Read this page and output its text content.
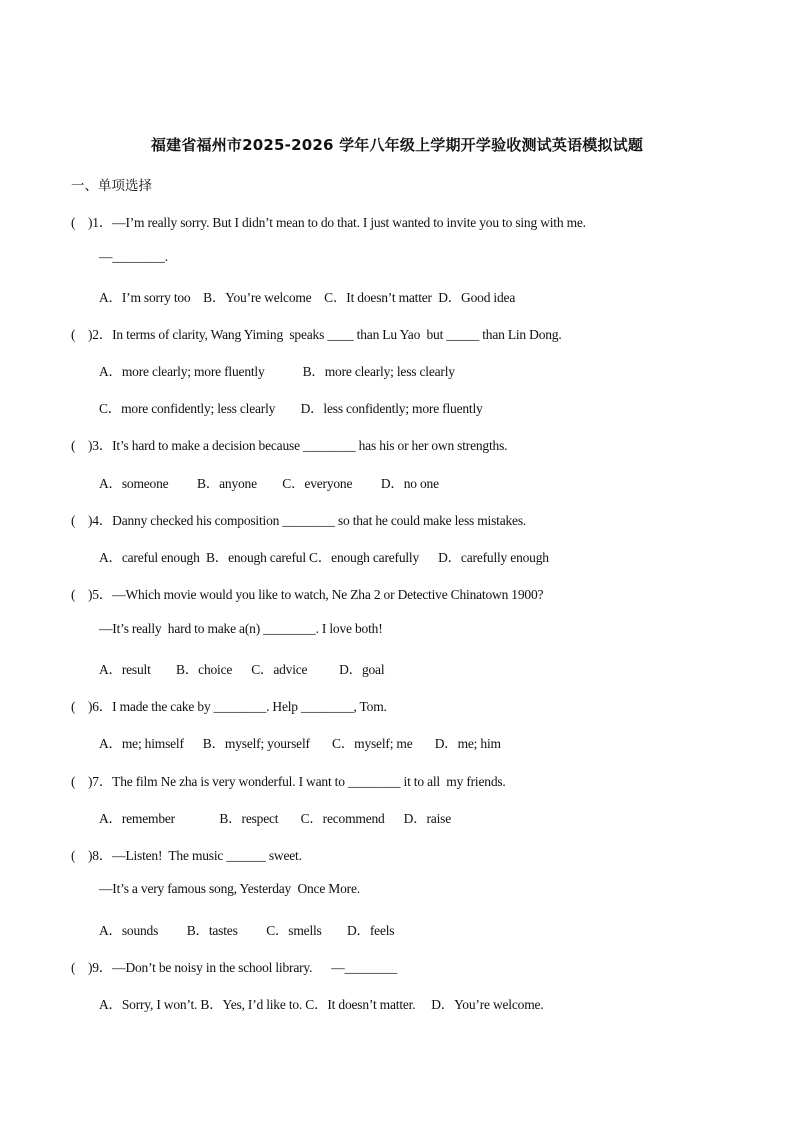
福建省福州市2025-2026 学年八年级上学期开学验收测试英语模拟试题
一、单项选择
(    )1．—I’m really sorry. But I didn’t mean to do that. I just wanted to invite you to sing with me.
—________.
A．I’m sorry too    B．You’re welcome    C．It doesn’t matter  D．Good idea
(    )2．In terms of clarity, Wang Yiming  speaks ____ than Lu Yao  but _____ than Lin Dong.
A．more clearly; more fluently            B．more clearly; less clearly
C．more confidently; less clearly        D．less confidently; more fluently
(    )3．It’s hard to make a decision because ________ has his or her own strengths.
A．someone         B．anyone        C．everyone         D．no one
(    )4．Danny checked his composition ________ so that he could make less mistakes.
A．careful enough  B．enough careful C．enough carefully      D．carefully enough
(    )5．—Which movie would you like to watch, Ne Zha 2 or Detective Chinatown 1900?
—It’s really  hard to make a(n) ________. I love both!
A．result        B．choice      C．advice          D．goal
(    )6．I made the cake by ________. Help ________, Tom.
A．me; himself      B．myself; yourself       C．myself; me       D．me; him
(    )7．The film Ne zha is very wonderful. I want to ________ it to all  my friends.
A．remember              B．respect       C．recommend      D．raise
(    )8．—Listen!  The music ______ sweet.
—It’s a very famous song, Yesterday  Once More.
A．sounds         B．tastes         C．smells        D．feels
(    )9．—Don’t be noisy in the school library.      —________
A．Sorry, I won’t. B．Yes, I’d like to. C．It doesn’t matter.     D．You’re welcome.
